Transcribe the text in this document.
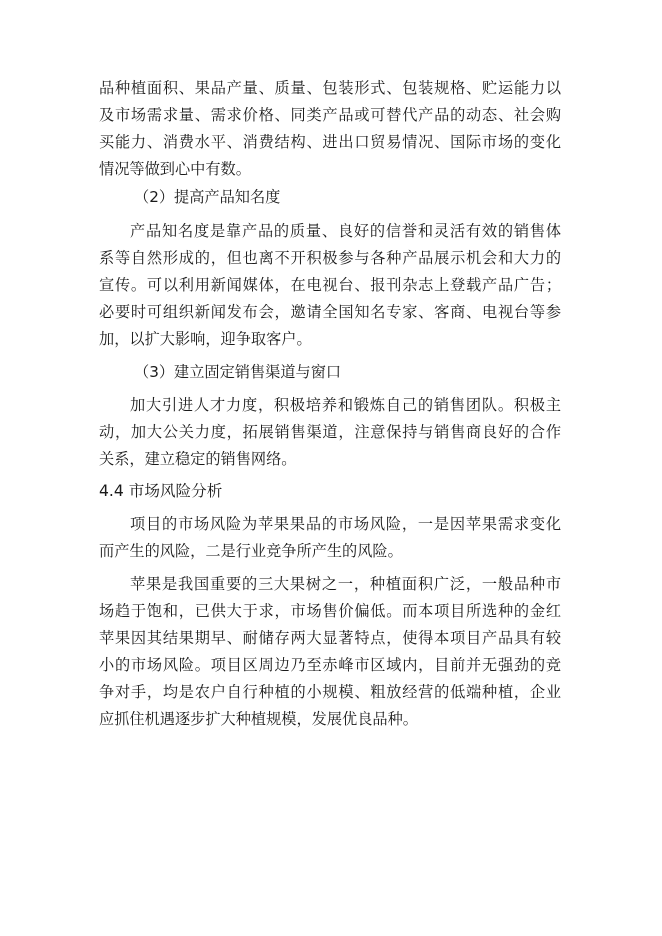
品种植面积、果品产量、质量、包装形式、包装规格、贮运能力以
及市场需求量、需求价格、同类产品或可替代产品的动态、社会购
买能力、消费水平、消费结构、进出口贸易情况、国际市场的变化
情况等做到心中有数。
（2）提高产品知名度
产品知名度是靠产品的质量、良好的信誉和灵活有效的销售体
系等自然形成的，但也离不开积极参与各种产品展示机会和大力的
宣传。可以利用新闻媒体，在电视台、报刊杂志上登载产品广告；
必要时可组织新闻发布会，邀请全国知名专家、客商、电视台等参
加，以扩大影响，迎争取客户。
（3）建立固定销售渠道与窗口
加大引进人才力度，积极培养和锻炼自己的销售团队。积极主
动，加大公关力度，拓展销售渠道，注意保持与销售商良好的合作
关系，建立稳定的销售网络。
4.4 市场风险分析
项目的市场风险为苹果果品的市场风险，一是因苹果需求变化
而产生的风险，二是行业竞争所产生的风险。
苹果是我国重要的三大果树之一，种植面积广泛，一般品种市
场趋于饱和，已供大于求，市场售价偏低。而本项目所选种的金红
苹果因其结果期早、耐储存两大显著特点，使得本项目产品具有较
小的市场风险。项目区周边乃至赤峰市区域内，目前并无强劲的竞
争对手，均是农户自行种植的小规模、粗放经营的低端种植，企业
应抓住机遇逐步扩大种植规模，发展优良品种。
